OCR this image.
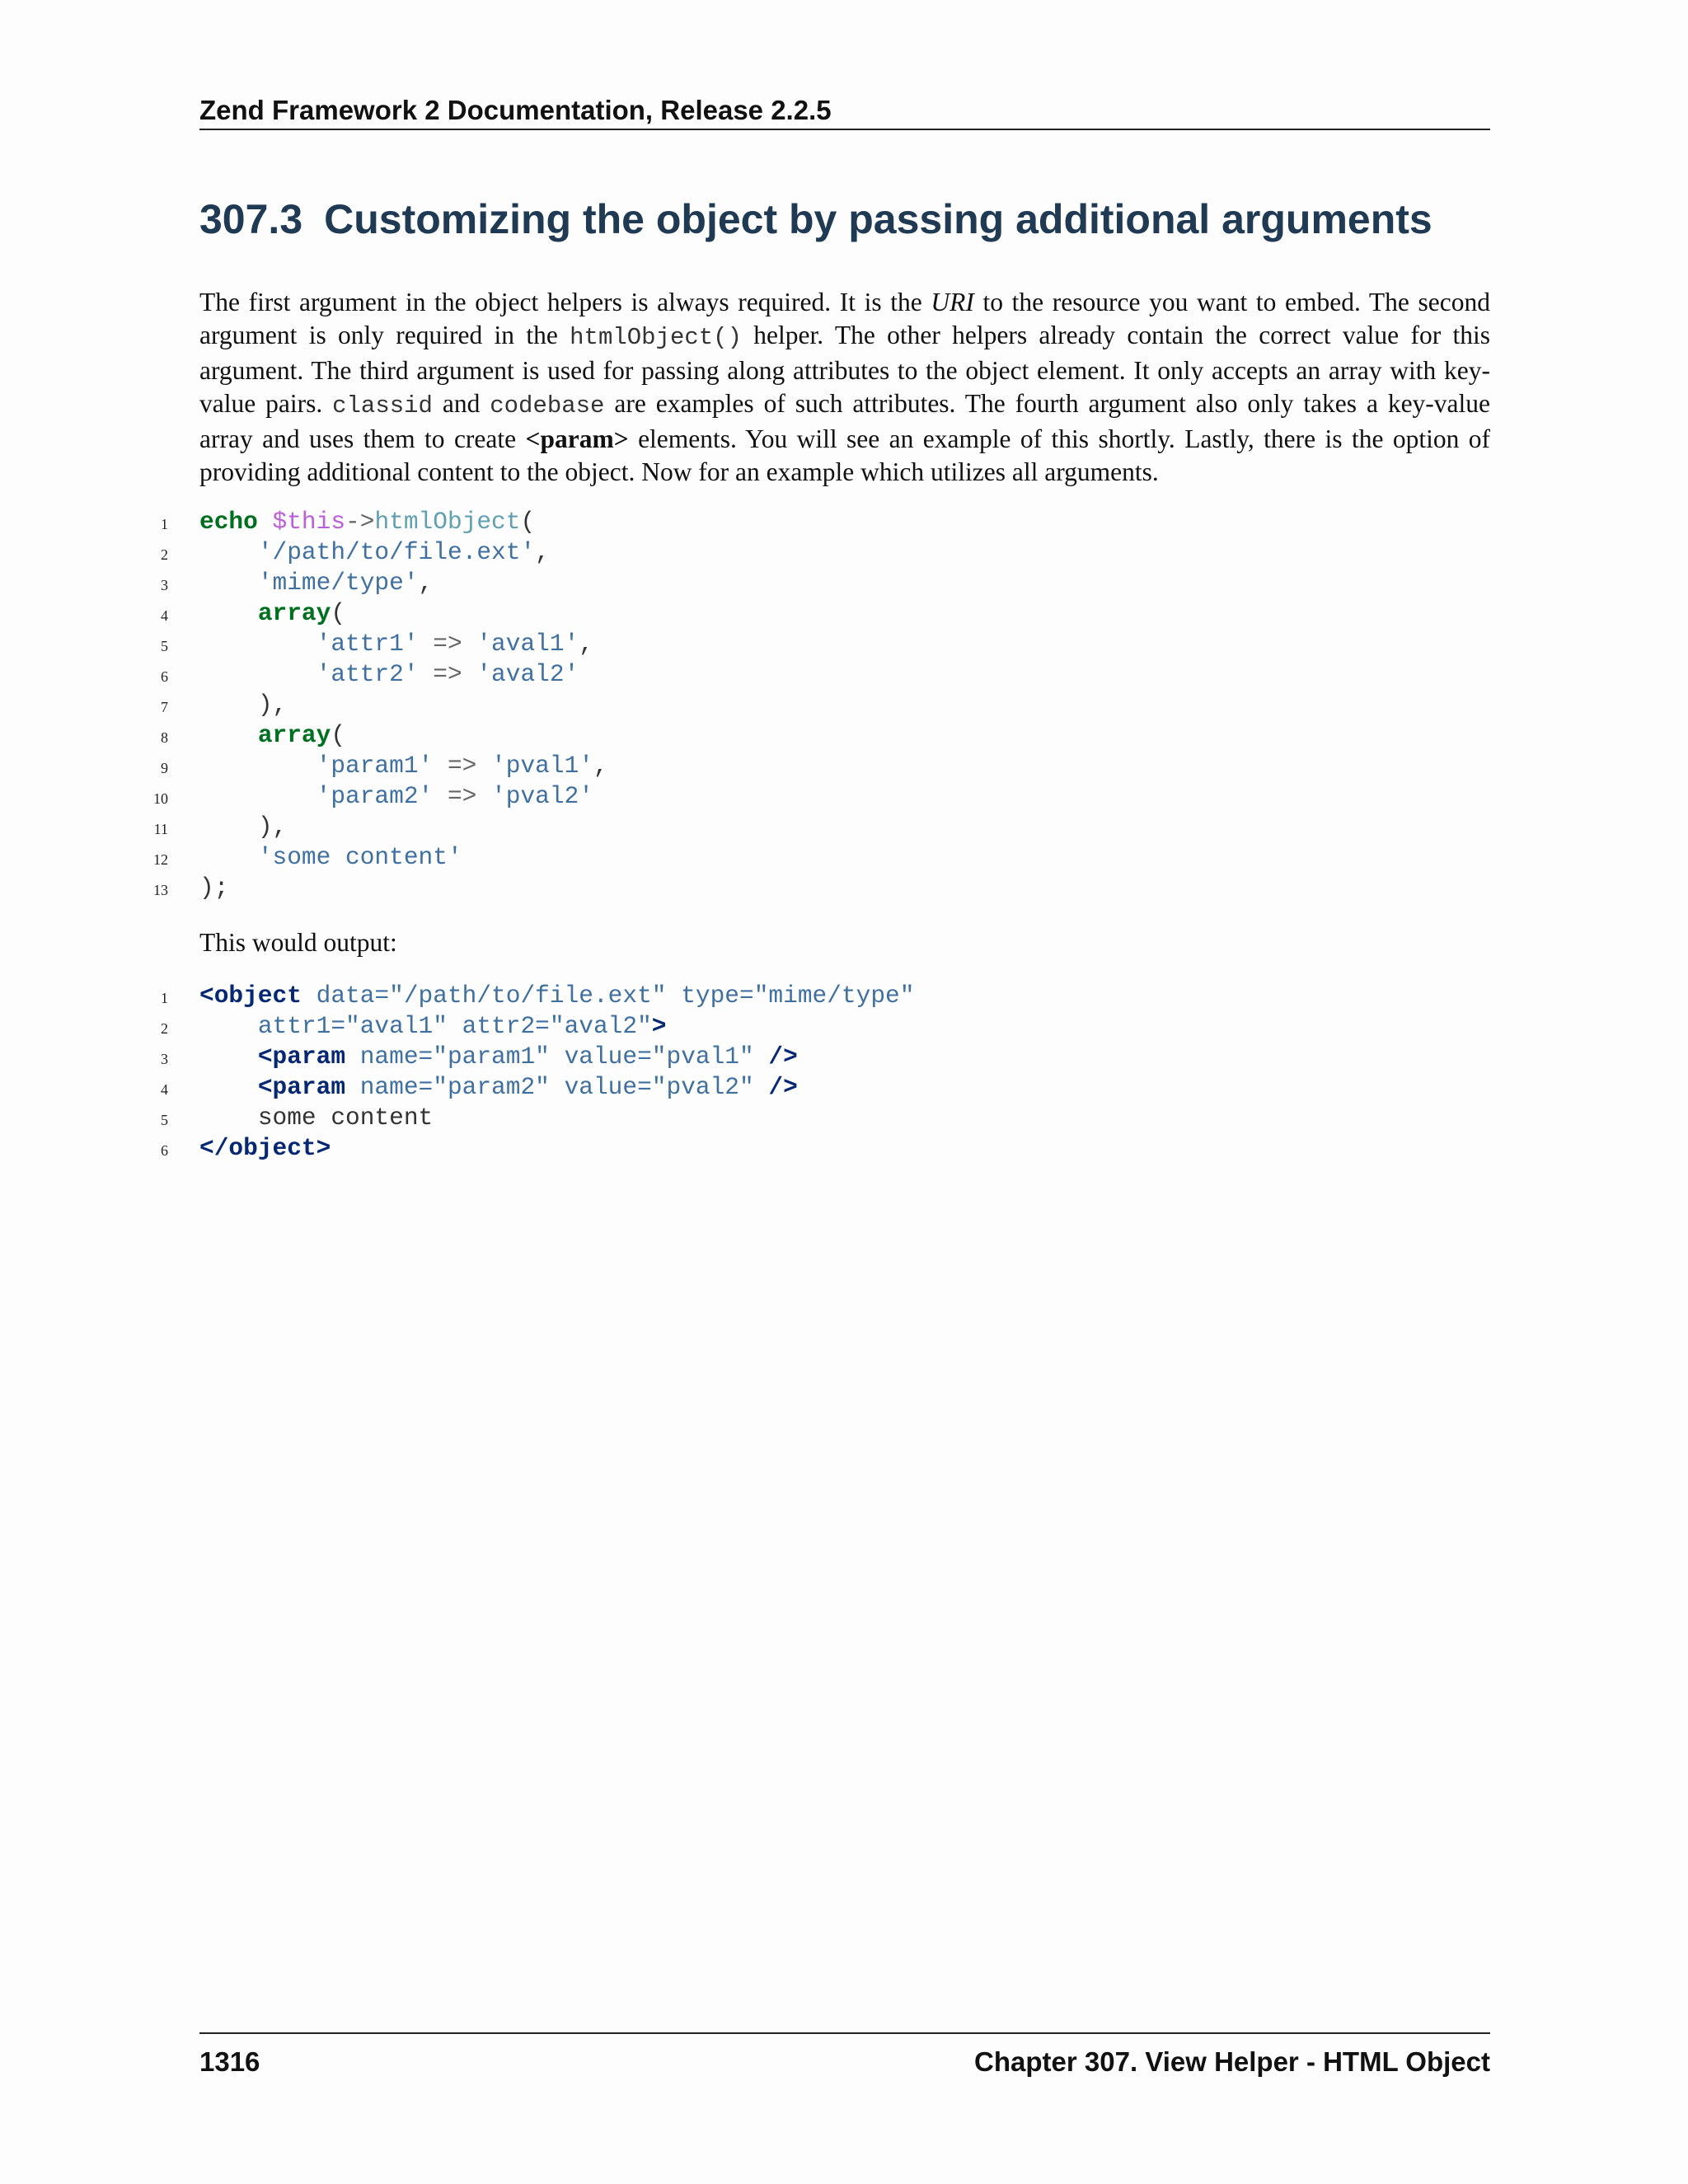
Zend Framework 2 Documentation, Release 2.2.5
307.3 Customizing the object by passing additional arguments

The first argument in the object helpers is always required. It is the URI to the resource you want to embed. The second argument is only required in the htmlObject() helper. The other helpers already contain the correct value for this argument. The third argument is used for passing along attributes to the object element. It only accepts an array with key-value pairs. classid and codebase are examples of such attributes. The fourth argument also only takes a key-value array and uses them to create <param> elements. You will see an example of this shortly. Lastly, there is the option of providing additional content to the object. Now for an example which utilizes all arguments.

1 echo $this->htmlObject(
2	'/path/to/file.ext',
3	'mime/type',
4	array(
5	'attr1' => 'aval1',
6	'attr2' => 'aval2'
7	),
8	array(
9	'param1' => 'pval1',
10	'param2' => 'pval2'
11	),
12	'some content'
13 );

This would output:

1 <object data="/path/to/file.ext" type="mime/type"
2	attr1="aval1" attr2="aval2">
3	<param name="param1" value="pval1" />
4	<param name="param2" value="pval2" />
5	some content
6 </object>
1316	Chapter 307. View Helper - HTML Object
